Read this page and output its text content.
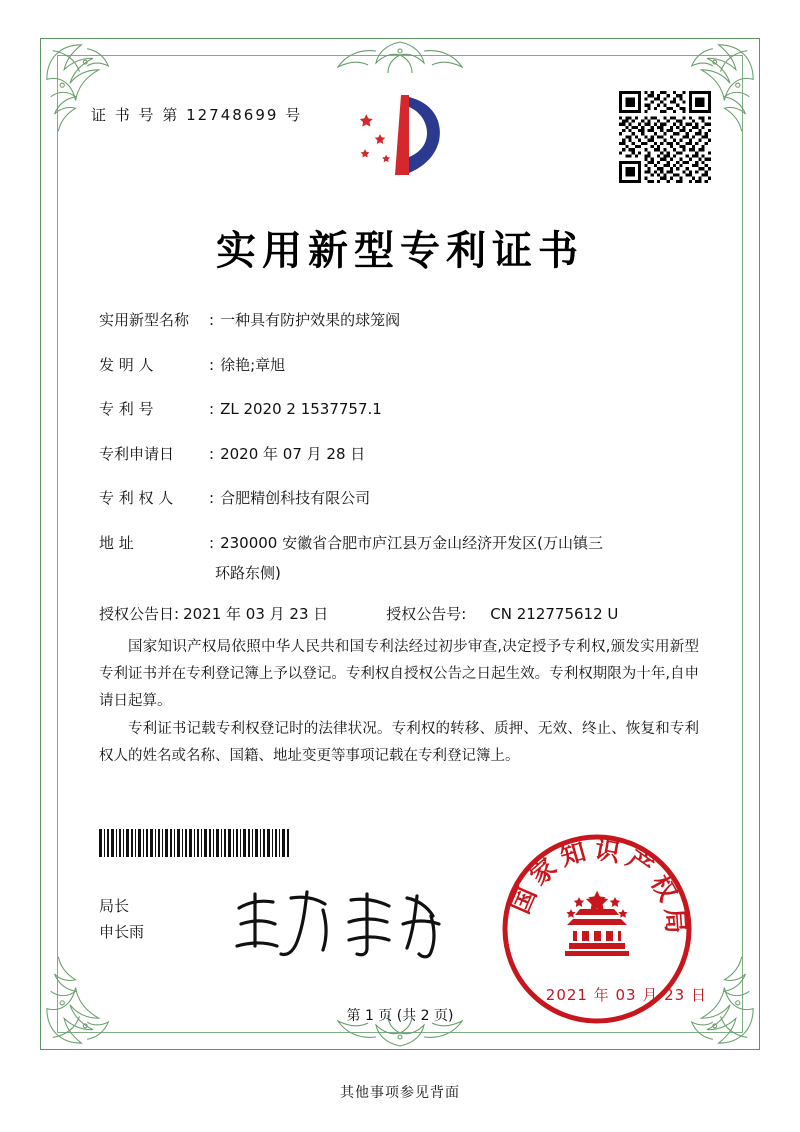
证 书 号 第 12748699 号
实用新型专利证书
实用新型名称	: 一种具有防护效果的球笼阀
发 明 人	: 徐艳;章旭
专 利 号	: ZL 2020 2 1537757.1
专利申请日	: 2020 年 07 月 28 日
专 利 权 人	: 合肥精创科技有限公司
地 址	: 230000 安徽省合肥市庐江县万金山经济开发区(万山镇三
环路东侧)
授权公告日: 2021 年 03 月 23 日	授权公告号:	CN 212775612 U

国家知识产权局依照中华人民共和国专利法经过初步审查,决定授予专利权,颁发实用新型专利证书并在专利登记簿上予以登记。专利权自授权公告之日起生效。专利权期限为十年,自申请日起算。

专利证书记载专利权登记时的法律状况。专利权的转移、质押、无效、终止、恢复和专利权人的姓名或名称、国籍、地址变更等事项记载在专利登记簿上。

局长
申长雨
国家知识产权局
2021 年 03 月 23 日
第 1 页 (共 2 页)
其他事项参见背面
